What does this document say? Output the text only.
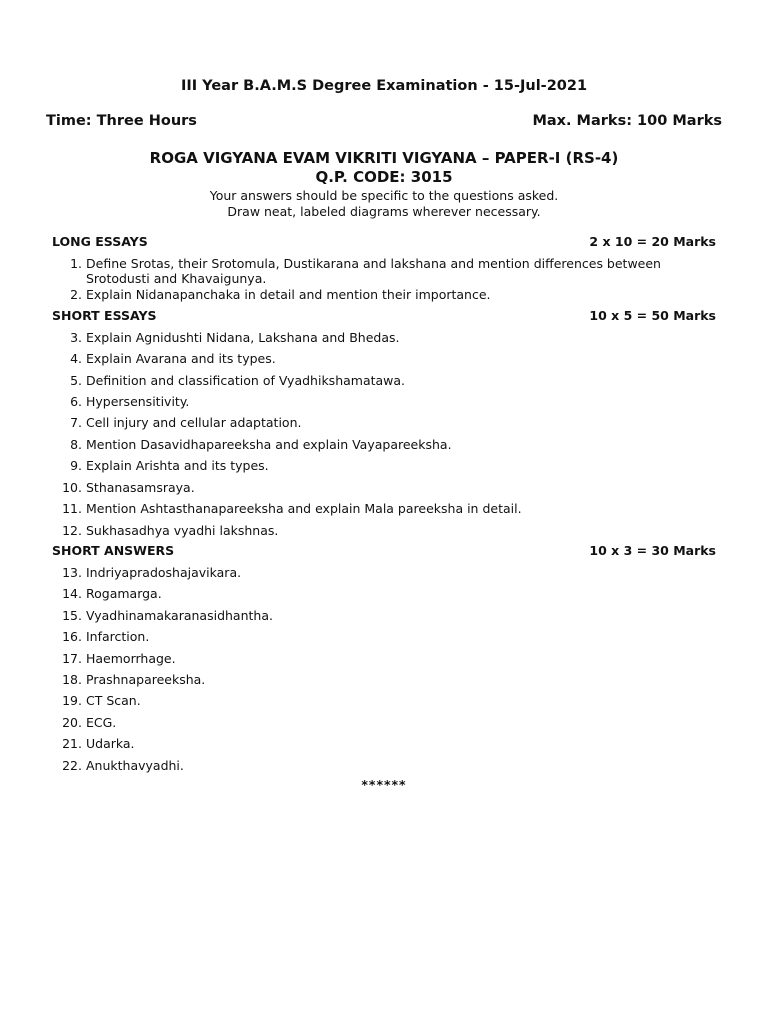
III Year B.A.M.S Degree Examination - 15-Jul-2021
Time: Three Hours	Max. Marks: 100 Marks
ROGA VIGYANA EVAM VIKRITI VIGYANA – PAPER-I (RS-4)
Q.P. CODE: 3015
Your answers should be specific to the questions asked.
Draw neat, labeled diagrams wherever necessary.
LONG ESSAYS	2 x 10 = 20 Marks
1. Define Srotas, their Srotomula, Dustikarana and lakshana and mention differences between
Srotodusti and Khavaigunya.
2. Explain Nidanapanchaka in detail and mention their importance.
SHORT ESSAYS	10 x 5 = 50 Marks
3. Explain Agnidushti Nidana, Lakshana and Bhedas.
4. Explain Avarana and its types.
5. Definition and classification of Vyadhikshamatawa.
6. Hypersensitivity.
7. Cell injury and cellular adaptation.
8. Mention Dasavidhapareeksha and explain Vayapareeksha.
9. Explain Arishta and its types.
10. Sthanasamsraya.
11. Mention Ashtasthanapareeksha and explain Mala pareeksha in detail.
12. Sukhasadhya vyadhi lakshnas.
SHORT ANSWERS	10 x 3 = 30 Marks
13. Indriyapradoshajavikara.
14. Rogamarga.
15. Vyadhinamakaranasidhantha.
16. Infarction.
17. Haemorrhage.
18. Prashnapareeksha.
19. CT Scan.
20. ECG.
21. Udarka.
22. Anukthavyadhi.
******
